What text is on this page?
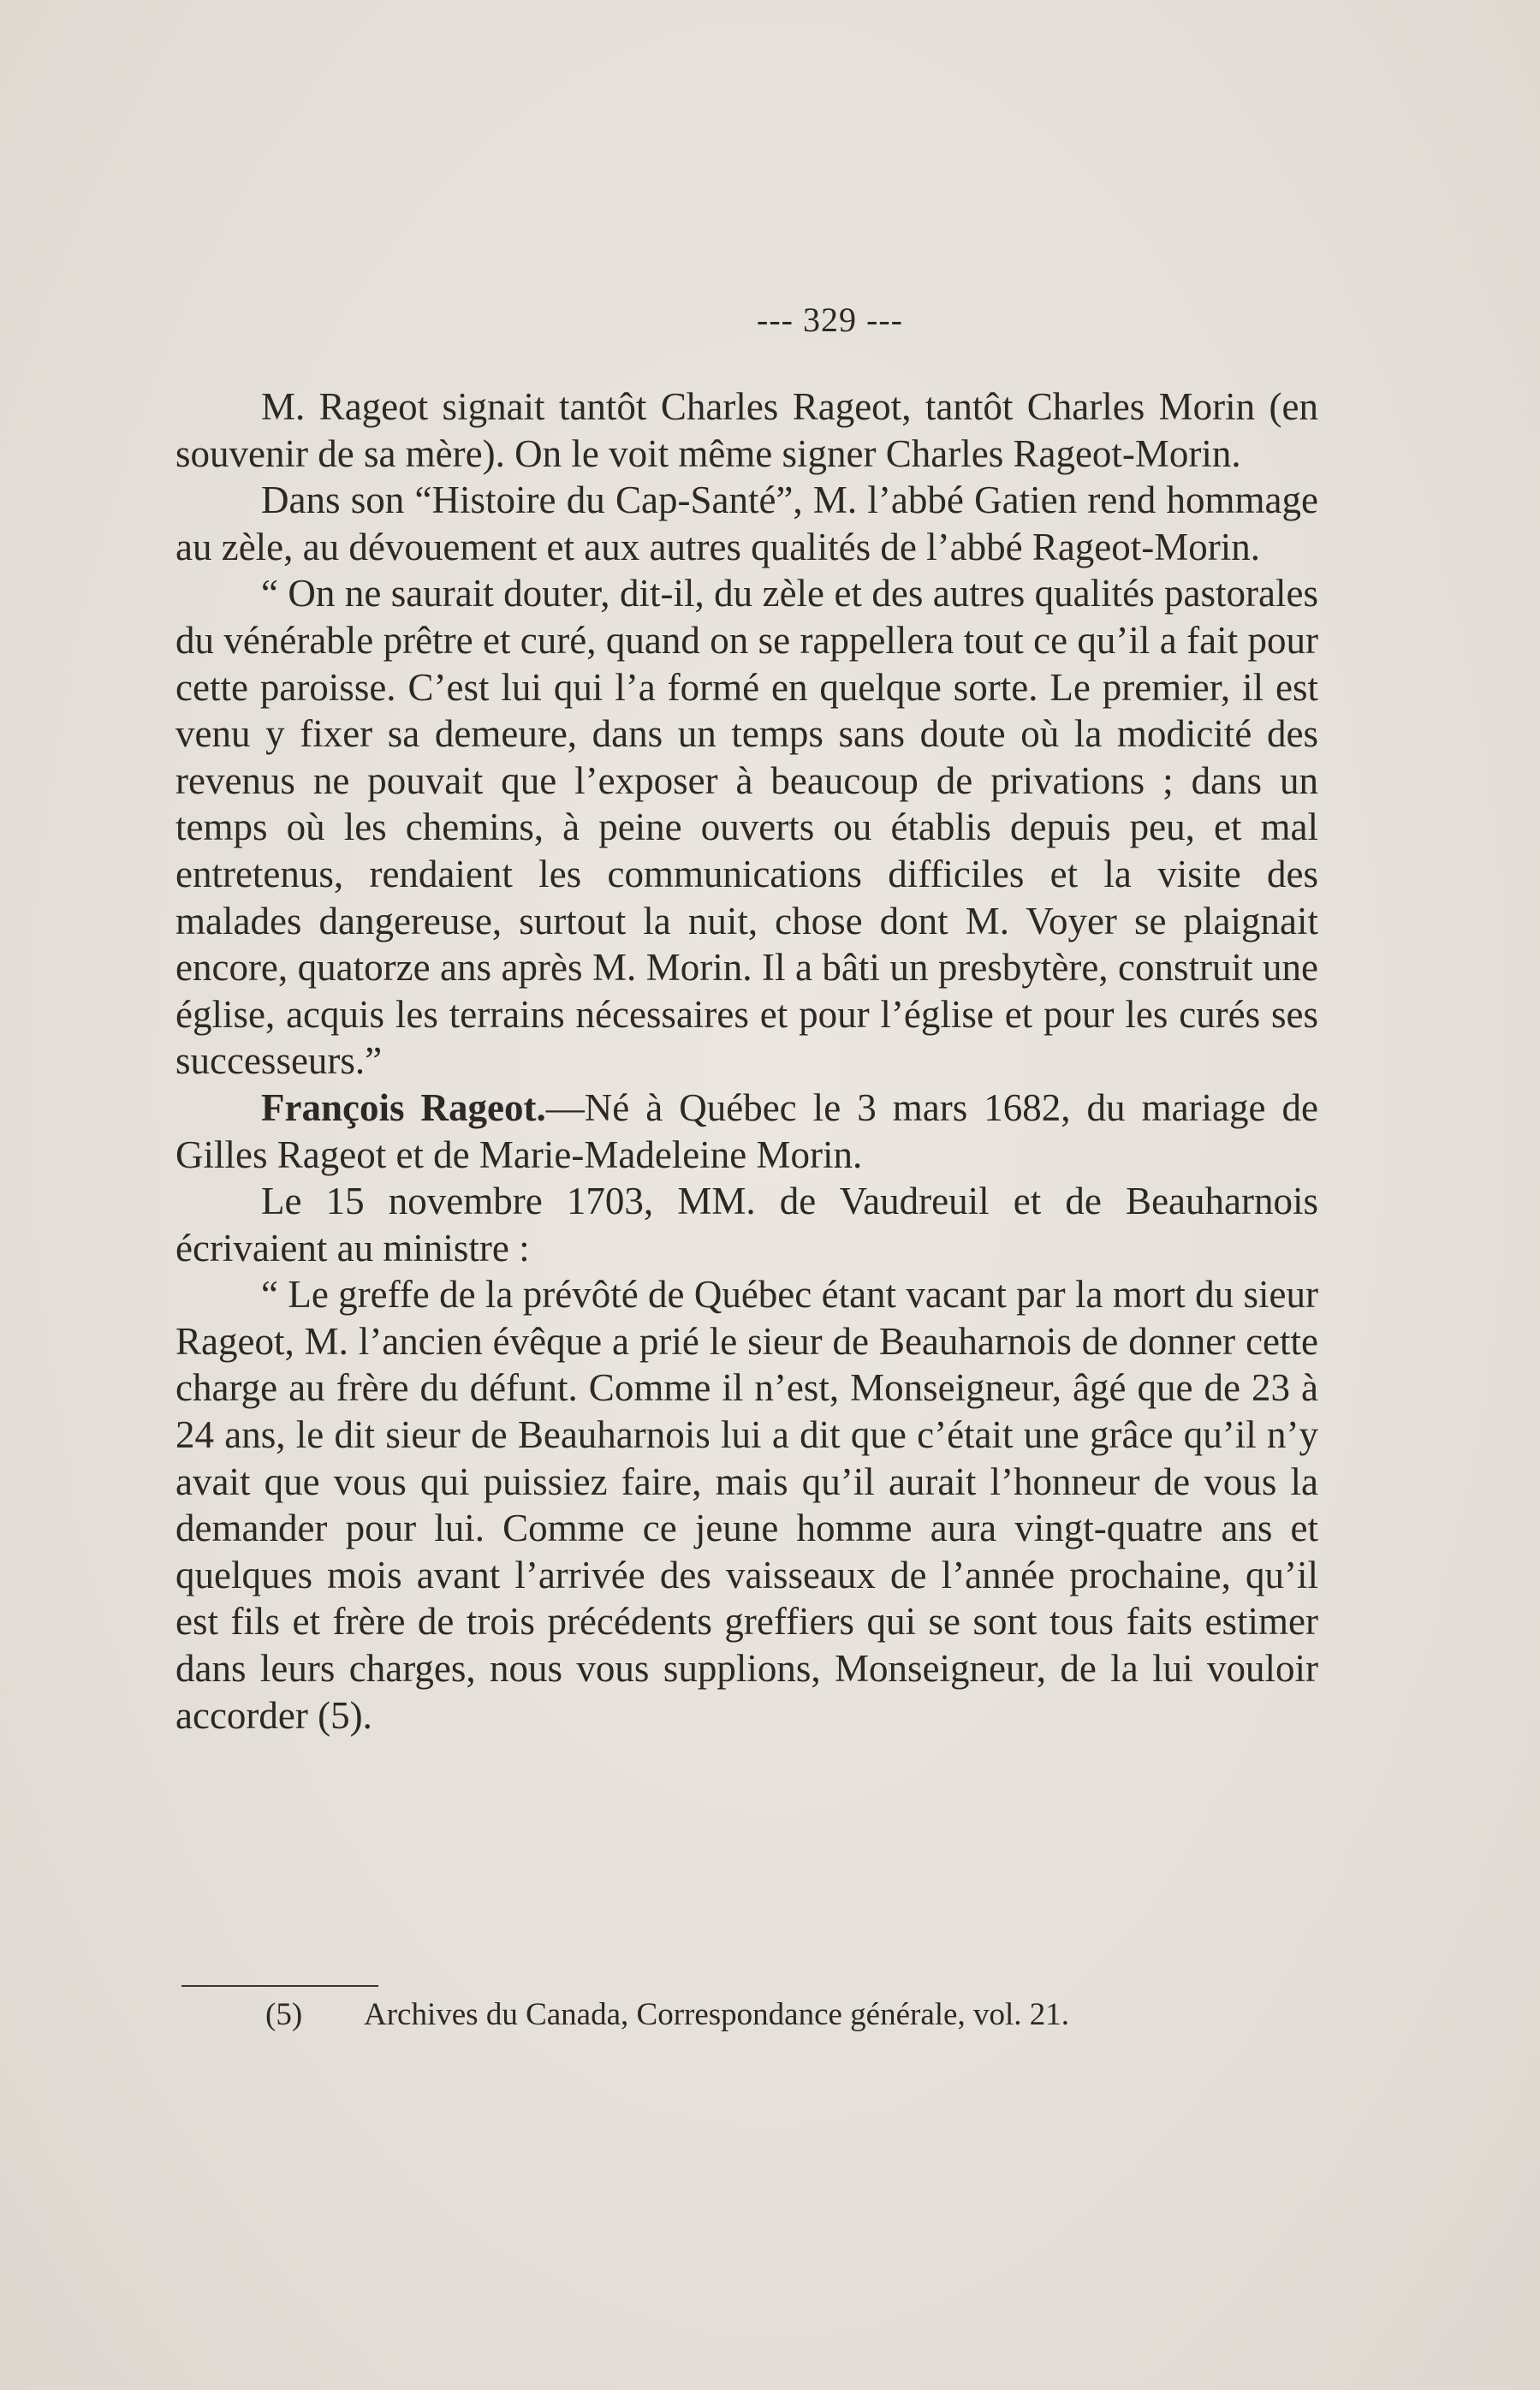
--- 329 ---

M. Rageot signait tantôt Charles Rageot, tantôt Charles Morin (en souvenir de sa mère). On le voit même signer Charles Rageot-Morin.

Dans son “Histoire du Cap-Santé”, M. l’abbé Gatien rend hommage au zèle, au dévouement et aux autres qualités de l’abbé Rageot-Morin.

“ On ne saurait douter, dit-il, du zèle et des autres qualités pastorales du vénérable prêtre et curé, quand on se rappellera tout ce qu’il a fait pour cette paroisse. C’est lui qui l’a formé en quelque sorte. Le premier, il est venu y fixer sa demeure, dans un temps sans doute où la modicité des revenus ne pouvait que l’exposer à beaucoup de privations ; dans un temps où les chemins, à peine ouverts ou établis depuis peu, et mal entretenus, rendaient les communications difficiles et la visite des malades dangereuse, surtout la nuit, chose dont M. Voyer se plaignait encore, quatorze ans après M. Morin. Il a bâti un presbytère, construit une église, acquis les terrains nécessaires et pour l’église et pour les curés ses successeurs.”

François Rageot.—Né à Québec le 3 mars 1682, du mariage de Gilles Rageot et de Marie-Madeleine Morin.

Le 15 novembre 1703, MM. de Vaudreuil et de Beauharnois écrivaient au ministre :

“ Le greffe de la prévôté de Québec étant vacant par la mort du sieur Rageot, M. l’ancien évêque a prié le sieur de Beauharnois de donner cette charge au frère du défunt. Comme il n’est, Monseigneur, âgé que de 23 à 24 ans, le dit sieur de Beauharnois lui a dit que c’était une grâce qu’il n’y avait que vous qui puissiez faire, mais qu’il aurait l’honneur de vous la demander pour lui. Comme ce jeune homme aura vingt-quatre ans et quelques mois avant l’arrivée des vaisseaux de l’année prochaine, qu’il est fils et frère de trois précédents greffiers qui se sont tous faits estimer dans leurs charges, nous vous supplions, Monseigneur, de la lui vouloir accorder (5).

(5) Archives du Canada, Correspondance générale, vol. 21.
